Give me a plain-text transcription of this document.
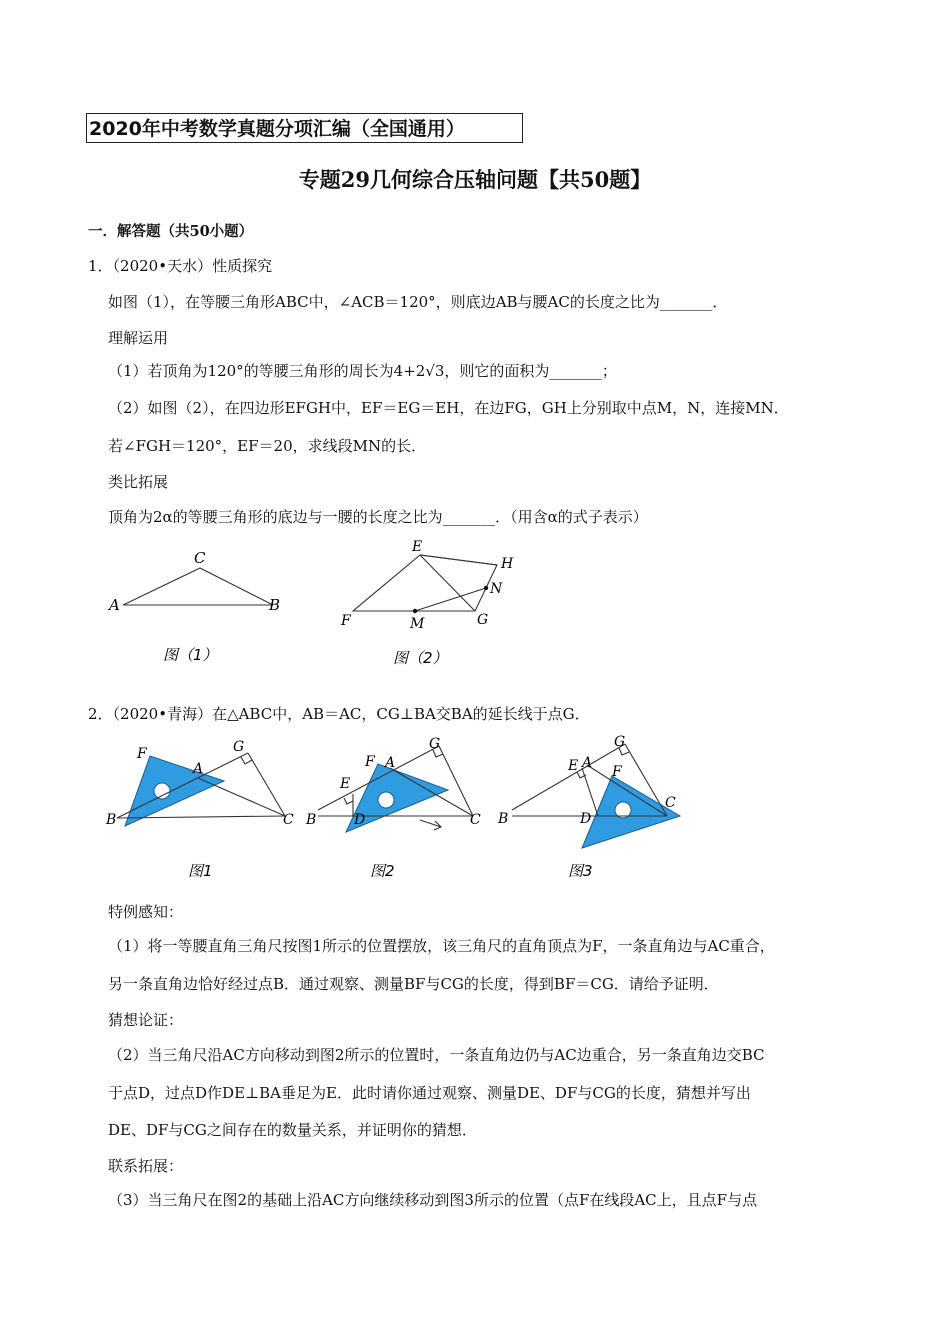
2020年中考数学真题分项汇编（全国通用）
专题29几何综合压轴问题【共50题】
一．解答题（共50小题）
1．（2020•天水）性质探究
如图（1），在等腰三角形ABC中，∠ACB＝120°，则底边AB与腰AC的长度之比为_______．
理解运用
（1）若顶角为120°的等腰三角形的周长为4+2√3，则它的面积为_______；
（2）如图（2），在四边形EFGH中，EF＝EG＝EH，在边FG，GH上分别取中点M，N，连接MN．
若∠FGH＝120°，EF＝20，求线段MN的长．
类比拓展
顶角为2α的等腰三角形的底边与一腰的长度之比为_______．（用含α的式子表示）
C
A	B
图（1）
E
H
N
F	M	G
图（2）
2．（2020•青海）在△ABC中，AB＝AC，CG⊥BA交BA的延长线于点G．
F	G
A
B	C
图1
F A
G
E
B	D	C
图2
G
E A
F
B	D
C
图3
特例感知：
（1）将一等腰直角三角尺按图1所示的位置摆放，该三角尺的直角顶点为F，一条直角边与AC重合，
另一条直角边恰好经过点B．通过观察、测量BF与CG的长度，得到BF＝CG．请给予证明．
猜想论证：
（2）当三角尺沿AC方向移动到图2所示的位置时，一条直角边仍与AC边重合，另一条直角边交BC
于点D，过点D作DE⊥BA垂足为E．此时请你通过观察、测量DE、DF与CG的长度，猜想并写出
DE、DF与CG之间存在的数量关系，并证明你的猜想．
联系拓展：
（3）当三角尺在图2的基础上沿AC方向继续移动到图3所示的位置（点F在线段AC上，且点F与点
